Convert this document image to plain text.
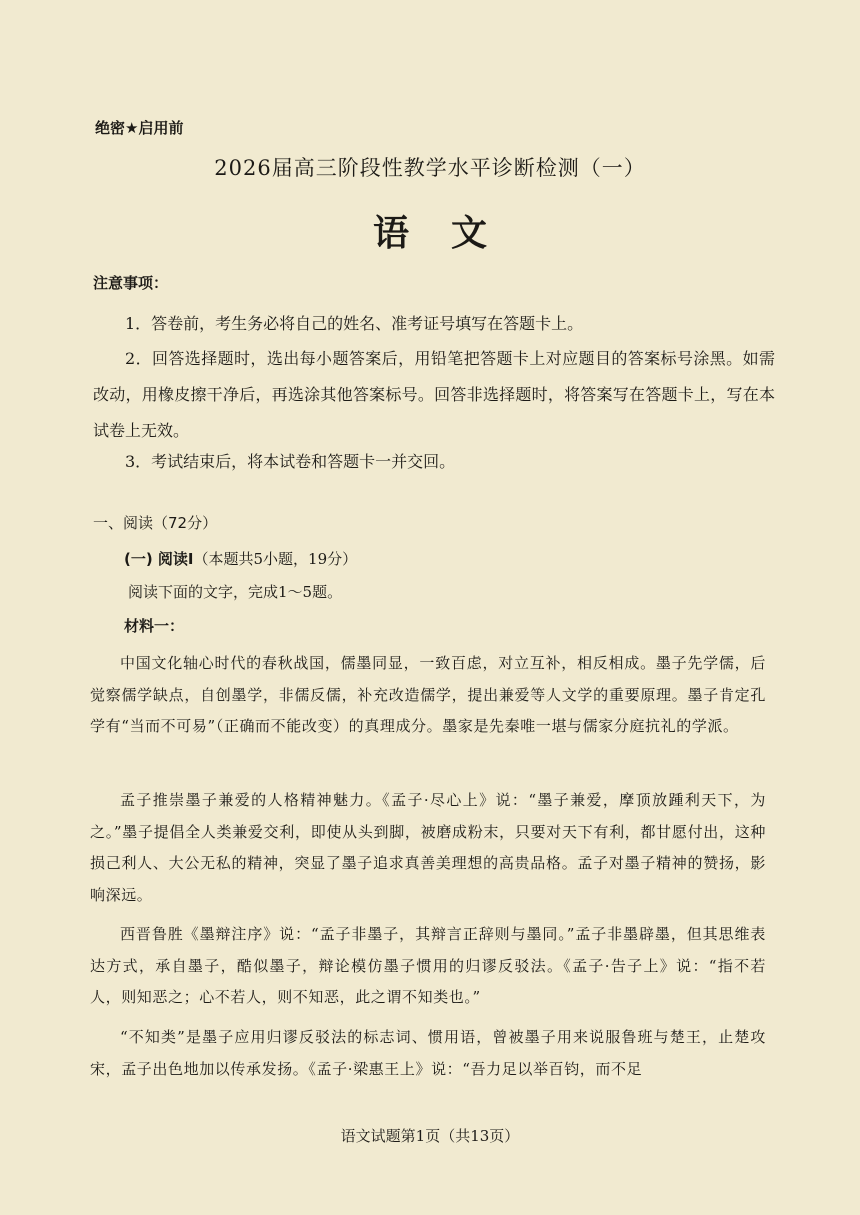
绝密★启用前
2026届高三阶段性教学水平诊断检测（一）
语文
注意事项：
1．答卷前，考生务必将自己的姓名、准考证号填写在答题卡上。
2．回答选择题时，选出每小题答案后，用铅笔把答题卡上对应题目的答案标号涂黑。如需改动，用橡皮擦干净后，再选涂其他答案标号。回答非选择题时，将答案写在答题卡上，写在本试卷上无效。
3．考试结束后，将本试卷和答题卡一并交回。
一、阅读（72分）
(一) 阅读Ⅰ（本题共5小题，19分）
阅读下面的文字，完成1～5题。
材料一：
中国文化轴心时代的春秋战国，儒墨同显，一致百虑，对立互补，相反相成。墨子先学儒，后觉察儒学缺点，自创墨学，非儒反儒，补充改造儒学，提出兼爱等人文学的重要原理。墨子肯定孔学有“当而不可易”（正确而不能改变）的真理成分。墨家是先秦唯一堪与儒家分庭抗礼的学派。
孟子推崇墨子兼爱的人格精神魅力。《孟子·尽心上》说：“墨子兼爱，摩顶放踵利天下，为之。”墨子提倡全人类兼爱交利，即使从头到脚，被磨成粉末，只要对天下有利，都甘愿付出，这种损己利人、大公无私的精神，突显了墨子追求真善美理想的高贵品格。孟子对墨子精神的赞扬，影响深远。
西晋鲁胜《墨辩注序》说：“孟子非墨子，其辩言正辞则与墨同。”孟子非墨辟墨，但其思维表达方式，承自墨子，酷似墨子，辩论模仿墨子惯用的归谬反驳法。《孟子·告子上》说：“指不若人，则知恶之；心不若人，则不知恶，此之谓不知类也。”
“不知类”是墨子应用归谬反驳法的标志词、惯用语，曾被墨子用来说服鲁班与楚王，止楚攻宋，孟子出色地加以传承发扬。《孟子·梁惠王上》说：“吾力足以举百钧，而不足
语文试题第1页（共13页）
